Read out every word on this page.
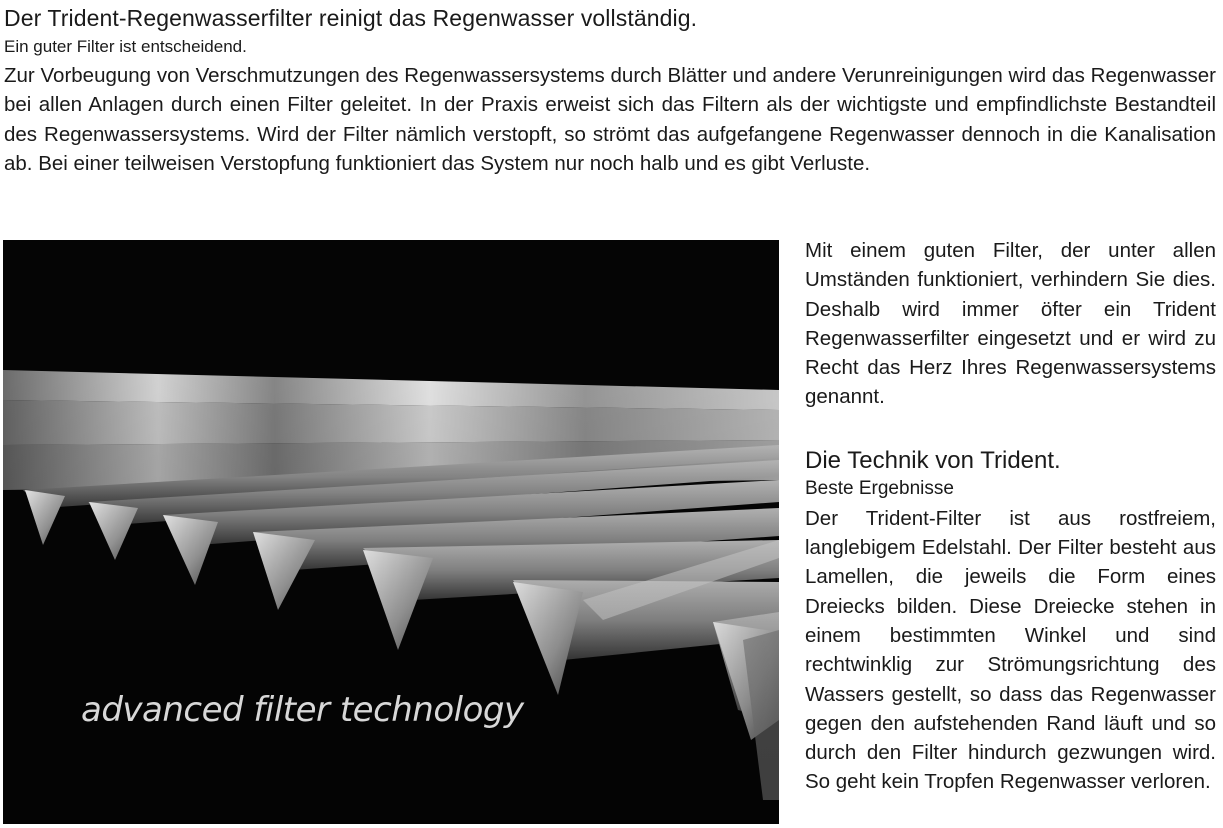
Der Trident-Regenwasserfilter reinigt das Regenwasser vollständig.
Ein guter Filter ist entscheidend.

Zur Vorbeugung von Verschmutzungen des Regenwassersystems durch Blätter und andere Verunreinigungen wird das Regenwasser bei allen Anlagen durch einen Filter geleitet. In der Praxis erweist sich das Filtern als der wichtigste und empfindlichste Bestandteil des Regenwassersystems. Wird der Filter nämlich verstopft, so strömt das aufgefangene Regenwasser dennoch in die Kanalisation ab. Bei einer teilweisen Verstopfung funktioniert das System nur noch halb und es gibt Verluste.

advanced filter technology

Mit einem guten Filter, der unter allen Umständen funktioniert, verhindern Sie dies. Deshalb wird immer öfter ein Trident Regenwasserfilter eingesetzt und er wird zu Recht das Herz Ihres Regenwassersystems genannt.

Die Technik von Trident.
Beste Ergebnisse

Der Trident-Filter ist aus rostfreiem, langlebigem Edelstahl. Der Filter besteht aus Lamellen, die jeweils die Form eines Dreiecks bilden. Diese Dreiecke stehen in einem bestimmten Winkel und sind rechtwinklig zur Strömungsrichtung des Wassers gestellt, so dass das Regenwasser gegen den aufstehenden Rand läuft und so durch den Filter hindurch gezwungen wird. So geht kein Tropfen Regenwasser verloren.
